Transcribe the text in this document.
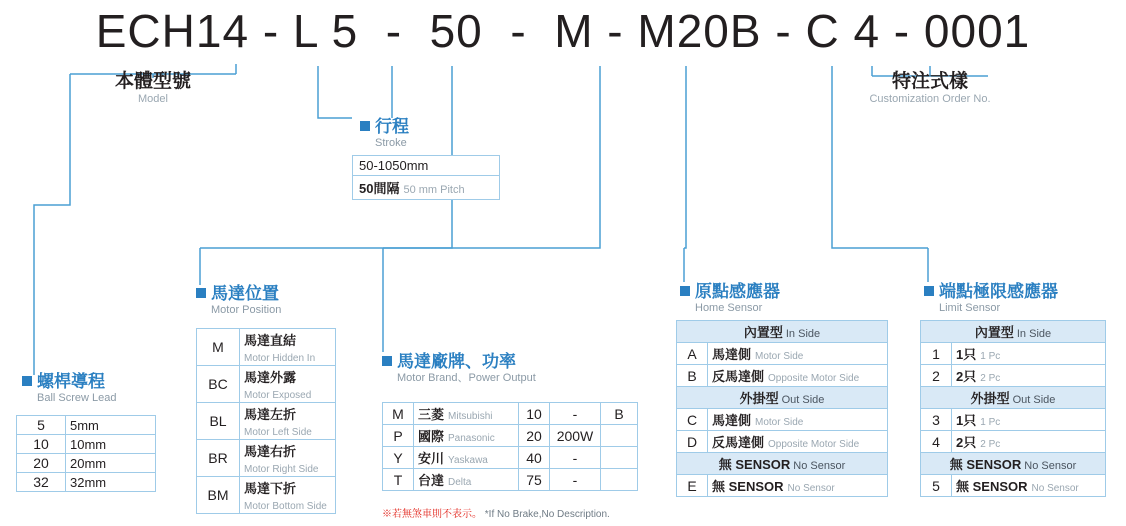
ECH14 - L 5  -  50  -  M - M20B - C 4 - 0001
本體型號
Model
特注式樣
Customization Order No.
行程
Stroke
50-1050mm
50間隔 50 mm Pitch
螺桿導程
Ball Screw Lead
5	5mm
10	10mm
20	20mm
32	32mm
馬達位置
Motor Position
M	馬達直結
Motor Hidden In
BC	馬達外露
Motor Exposed
BL	馬達左折
Motor Left Side
BR	馬達右折
Motor Right Side
BM	馬達下折
Motor Bottom Side
馬達廠牌、功率
Motor Brand、Power Output
M	三菱 Mitsubishi	10	-	B
P	國際 Panasonic	20	200W	
Y	安川 Yaskawa	40	-	
T	台達 Delta	75	-	
※若無煞車則不表示。 *If No Brake,No Description.
原點感應器
Home Sensor
內置型 In Side	
A	馬達側 Motor Side
B	反馬達側 Opposite Motor Side
外掛型 Out Side	
C	馬達側 Motor Side
D	反馬達側 Opposite Motor Side
無 SENSOR No Sensor	
E	無 SENSOR No Sensor
端點極限感應器
Limit Sensor
內置型 In Side	
1	1只 1 Pc
2	2只 2 Pc
外掛型 Out Side	
3	1只 1 Pc
4	2只 2 Pc
無 SENSOR No Sensor	
5	無 SENSOR No Sensor
